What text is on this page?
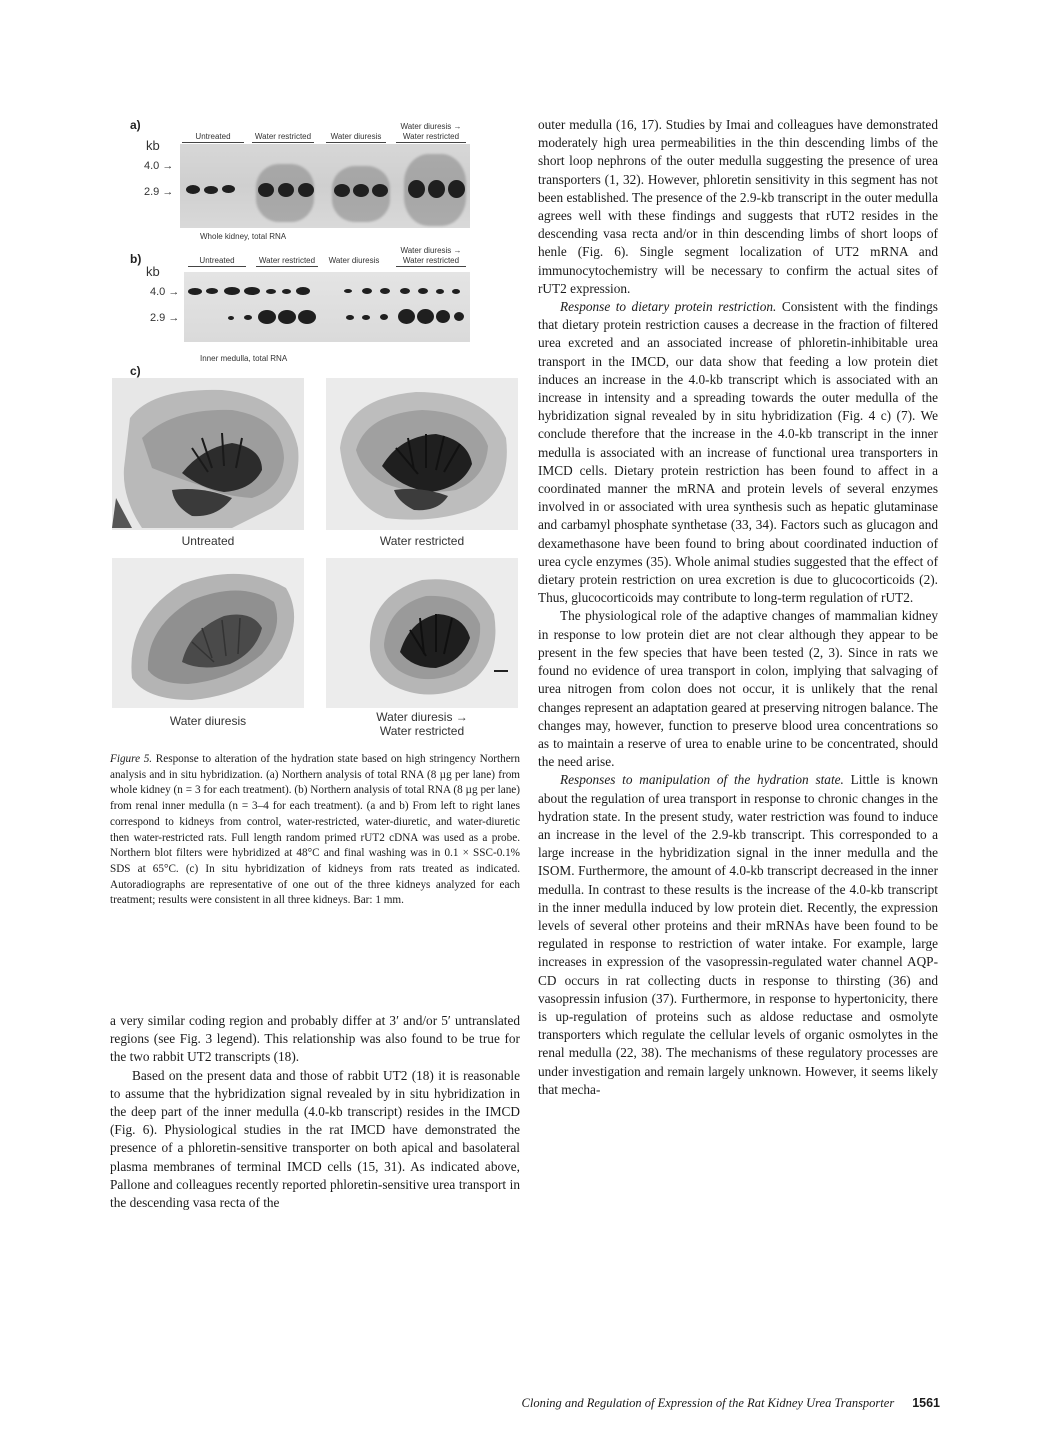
a)
kb
Untreated	Water restricted	Water diuresis
Water diuresis →
Water restricted
4.0 →
2.9 →
Whole kidney, total RNA
b)
kb
Untreated	Water restricted	Water diuresis
Water diuresis →
Water restricted
4.0 →
2.9 →
Inner medulla, total RNA
c)
Untreated	Water restricted
Water diuresis	Water diuresis →
Water restricted
Figure 5. Response to alteration of the hydration state based on high stringency Northern analysis and in situ hybridization. (a) Northern analysis of total RNA (8 µg per lane) from whole kidney (n = 3 for each treatment). (b) Northern analysis of total RNA (8 µg per lane) from renal inner medulla (n = 3–4 for each treatment). (a and b) From left to right lanes correspond to kidneys from control, water-restricted, water-diuretic, and water-diuretic then water-restricted rats. Full length random primed rUT2 cDNA was used as a probe. Northern blot filters were hybridized at 48°C and final washing was in 0.1 × SSC-0.1% SDS at 65°C. (c) In situ hybridization of kidneys from rats treated as indicated. Autoradiographs are representative of one out of the three kidneys analyzed for each treatment; results were consistent in all three kidneys. Bar: 1 mm.

a very similar coding region and probably differ at 3′ and/or 5′ untranslated regions (see Fig. 3 legend). This relationship was also found to be true for the two rabbit UT2 transcripts (18).

Based on the present data and those of rabbit UT2 (18) it is reasonable to assume that the hybridization signal revealed by in situ hybridization in the deep part of the inner medulla (4.0-kb transcript) resides in the IMCD (Fig. 6). Physiological studies in the rat IMCD have demonstrated the presence of a phloretin-sensitive transporter on both apical and basolateral plasma membranes of terminal IMCD cells (15, 31). As indicated above, Pallone and colleagues recently reported phloretin-sensitive urea transport in the descending vasa recta of the

outer medulla (16, 17). Studies by Imai and colleagues have demonstrated moderately high urea permeabilities in the thin descending limbs of the short loop nephrons of the outer medulla suggesting the presence of urea transporters (1, 32). However, phloretin sensitivity in this segment has not been established. The presence of the 2.9-kb transcript in the outer medulla agrees well with these findings and suggests that rUT2 resides in the descending vasa recta and/or in thin descending limbs of short loops of henle (Fig. 6). Single segment localization of UT2 mRNA and immunocytochemistry will be necessary to confirm the actual sites of rUT2 expression.

Response to dietary protein restriction. Consistent with the findings that dietary protein restriction causes a decrease in the fraction of filtered urea excreted and an associated increase of phloretin-inhibitable urea transport in the IMCD, our data show that feeding a low protein diet induces an increase in the 4.0-kb transcript which is associated with an increase in intensity and a spreading towards the outer medulla of the hybridization signal revealed by in situ hybridization (Fig. 4 c) (7). We conclude therefore that the increase in the 4.0-kb transcript in the inner medulla is associated with an increase of functional urea transporters in IMCD cells. Dietary protein restriction has been found to affect in a coordinated manner the mRNA and protein levels of several enzymes involved in or associated with urea synthesis such as hepatic glutaminase and carbamyl phosphate synthetase (33, 34). Factors such as glucagon and dexamethasone have been found to bring about coordinated induction of urea cycle enzymes (35). Whole animal studies suggested that the effect of dietary protein restriction on urea excretion is due to glucocorticoids (2). Thus, glucocorticoids may contribute to long-term regulation of rUT2.

The physiological role of the adaptive changes of mammalian kidney in response to low protein diet are not clear although they appear to be present in the few species that have been tested (2, 3). Since in rats we found no evidence of urea transport in colon, implying that salvaging of urea nitrogen from colon does not occur, it is unlikely that the renal changes represent an adaptation geared at preserving nitrogen balance. The changes may, however, function to preserve blood urea concentrations so as to maintain a reserve of urea to enable urine to be concentrated, should the need arise.

Responses to manipulation of the hydration state. Little is known about the regulation of urea transport in response to chronic changes in the hydration state. In the present study, water restriction was found to induce an increase in the level of the 2.9-kb transcript. This corresponded to a large increase in the hybridization signal in the inner medulla and the ISOM. Furthermore, the amount of 4.0-kb transcript decreased in the inner medulla. In contrast to these results is the increase of the 4.0-kb transcript in the inner medulla induced by low protein diet. Recently, the expression levels of several other proteins and their mRNAs have been found to be regulated in response to restriction of water intake. For example, large increases in expression of the vasopressin-regulated water channel AQP-CD occurs in rat collecting ducts in response to thirsting (36) and vasopressin infusion (37). Furthermore, in response to hypertonicity, there is up-regulation of proteins such as aldose reductase and osmolyte transporters which regulate the cellular levels of organic osmolytes in the renal medulla (22, 38). The mechanisms of these regulatory processes are under investigation and remain largely unknown. However, it seems likely that mecha-

Cloning and Regulation of Expression of the Rat Kidney Urea Transporter 1561
